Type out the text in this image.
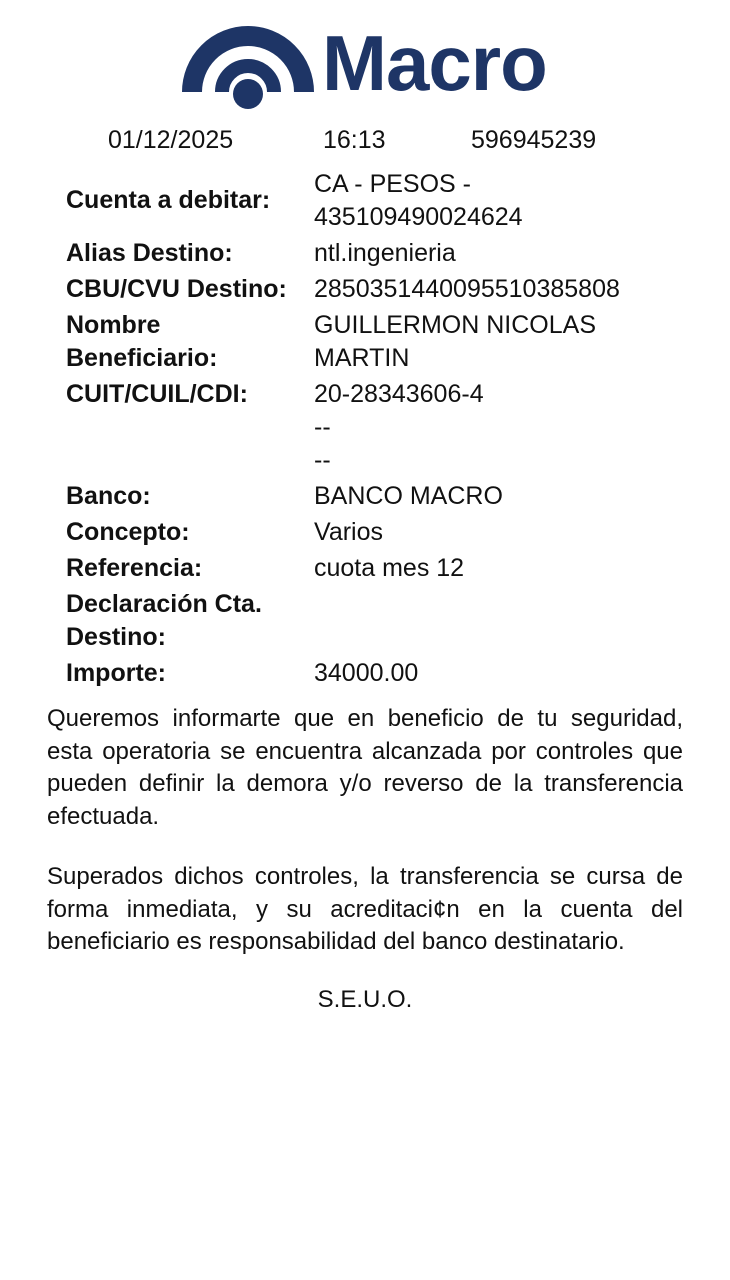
Macro
01/12/2025	16:13	596945239
Cuenta a debitar:
CA - PESOS -
435109490024624
Alias Destino:	ntl.ingenieria
CBU/CVU Destino:	2850351440095510385808
Nombre
Beneficiario:
GUILLERMON NICOLAS
MARTIN
CUIT/CUIL/CDI:	20-28343606-4
--
--
Banco:	BANCO MACRO
Concepto:	Varios
Referencia:	cuota mes 12
Declaración Cta.
Destino:
Importe:	34000.00
Queremos informarte que en beneficio de tu seguridad, esta operatoria se encuentra alcanzada por controles que pueden definir la demora y/o reverso de la transferencia efectuada.
Superados dichos controles, la transferencia se cursa de forma inmediata, y su acreditaci¢n en la cuenta del beneficiario es responsabilidad del banco destinatario.
S.E.U.O.
